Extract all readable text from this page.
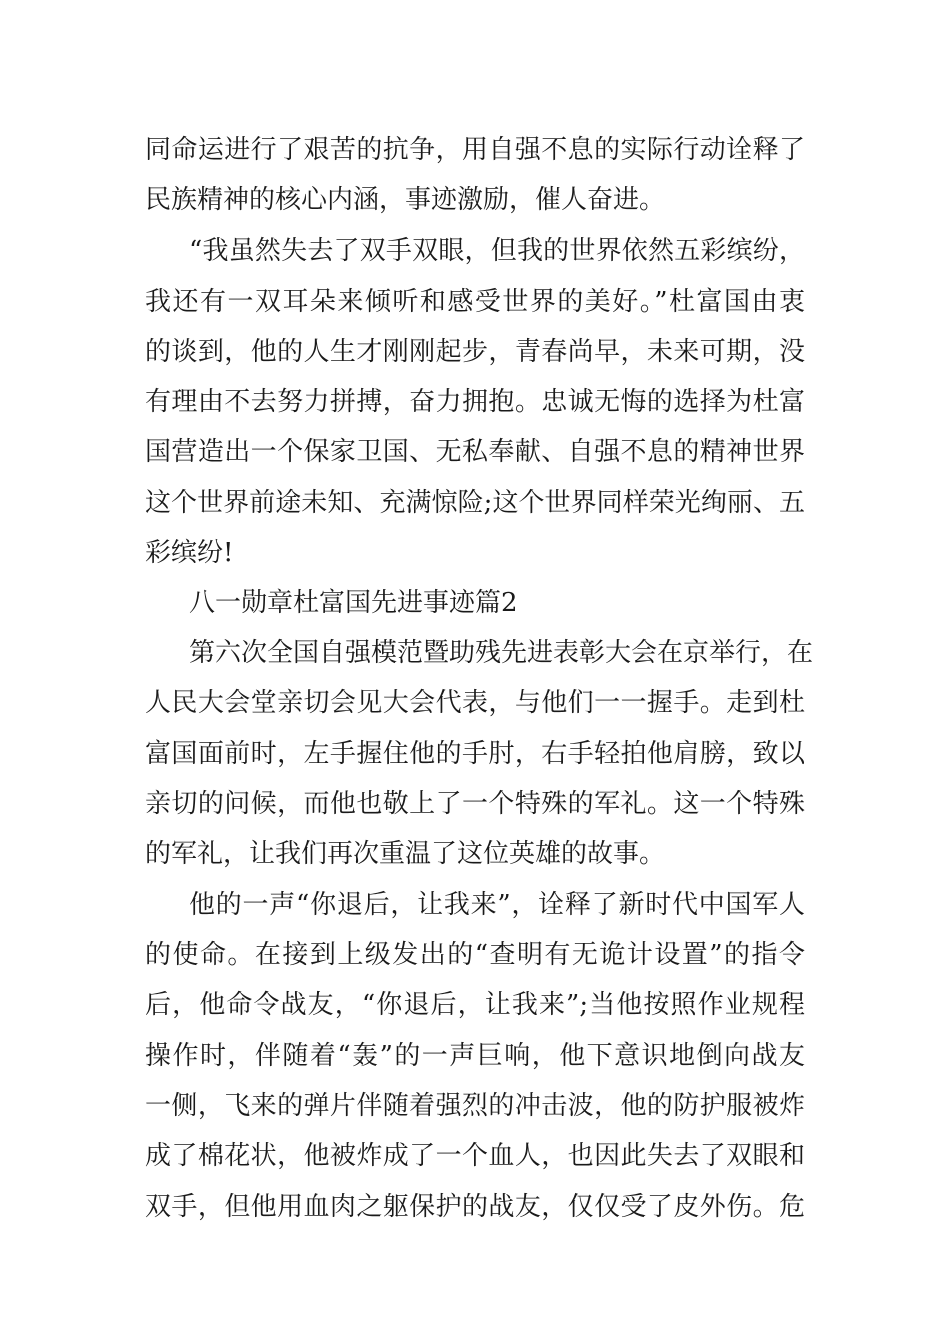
同命运进行了艰苦的抗争，用自强不息的实际行动诠释了
民族精神的核心内涵，事迹激励，催人奋进。
“我虽然失去了双手双眼，但我的世界依然五彩缤纷，
我还有一双耳朵来倾听和感受世界的美好。”杜富国由衷
的谈到，他的人生才刚刚起步，青春尚早，未来可期，没
有理由不去努力拼搏，奋力拥抱。忠诚无悔的选择为杜富
国营造出一个保家卫国、无私奉献、自强不息的精神世界
这个世界前途未知、充满惊险;这个世界同样荣光绚丽、五
彩缤纷!
八一勋章杜富国先进事迹篇2
第六次全国自强模范暨助残先进表彰大会在京举行，在
人民大会堂亲切会见大会代表，与他们一一握手。走到杜
富国面前时，左手握住他的手肘，右手轻拍他肩膀，致以
亲切的问候，而他也敬上了一个特殊的军礼。这一个特殊
的军礼，让我们再次重温了这位英雄的故事。
他的一声“你退后，让我来”，诠释了新时代中国军人
的使命。在接到上级发出的“查明有无诡计设置”的指令
后，他命令战友，“你退后，让我来”;当他按照作业规程
操作时，伴随着“轰”的一声巨响，他下意识地倒向战友
一侧，飞来的弹片伴随着强烈的冲击波，他的防护服被炸
成了棉花状，他被炸成了一个血人，也因此失去了双眼和
双手，但他用血肉之躯保护的战友，仅仅受了皮外伤。危
